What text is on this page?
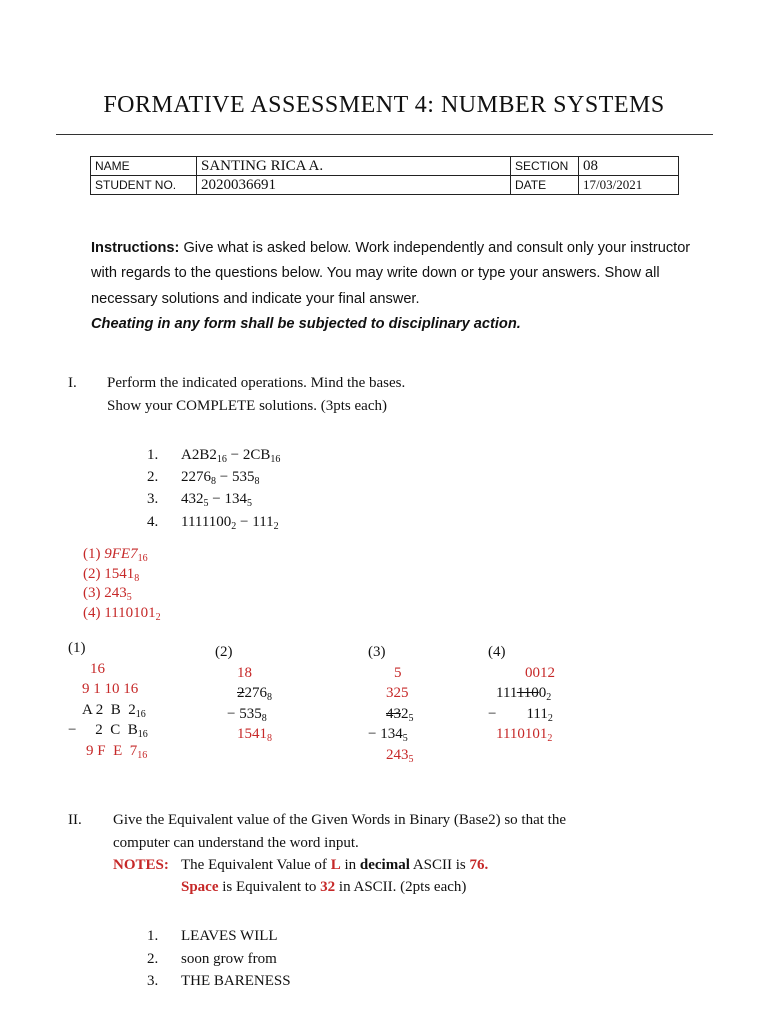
FORMATIVE ASSESSMENT 4: NUMBER SYSTEMS
NAME	SANTING RICA A.	SECTION	08
STUDENT NO.	2020036691	DATE	17/03/2021
Instructions: Give what is asked below. Work independently and consult only your instructor with regards to the questions below. You may write down or type your answers. Show all necessary solutions and indicate your final answer.
Cheating in any form shall be subjected to disciplinary action.
I. Perform the indicated operations. Mind the bases.
Show your COMPLETE solutions. (3pts each)
1. $A2B2_{16} - 2CB_{16}$
2. $2276_8 - 535_8$
3. $432_5 - 134_5$
4. $1111100_2 - 111_2$
(1) $9FE7_{16}$
(2) $1541_8$
(3) $243_5$
(4) $1110101_2$
(1)
16
9 1 10 16
A 2  B  $2_{16}$
− 2  C  $B_{16}$
9 F  E  $7_{16}$
(2)
18
$2276_8$
− $535_8$
$1541_8$
(3)
5
325
$432_5$
− $134_5$
$243_5$
(4)
0012
$1111100_2$
− $111_2$
$1110101_2$
II. Give the Equivalent value of the Given Words in Binary (Base2) so that the
computer can understand the word input.
NOTES: The Equivalent Value of L in decimal ASCII is 76.
Space is Equivalent to 32 in ASCII. (2pts each)
1. LEAVES WILL
2. soon grow from
3. THE BARENESS
